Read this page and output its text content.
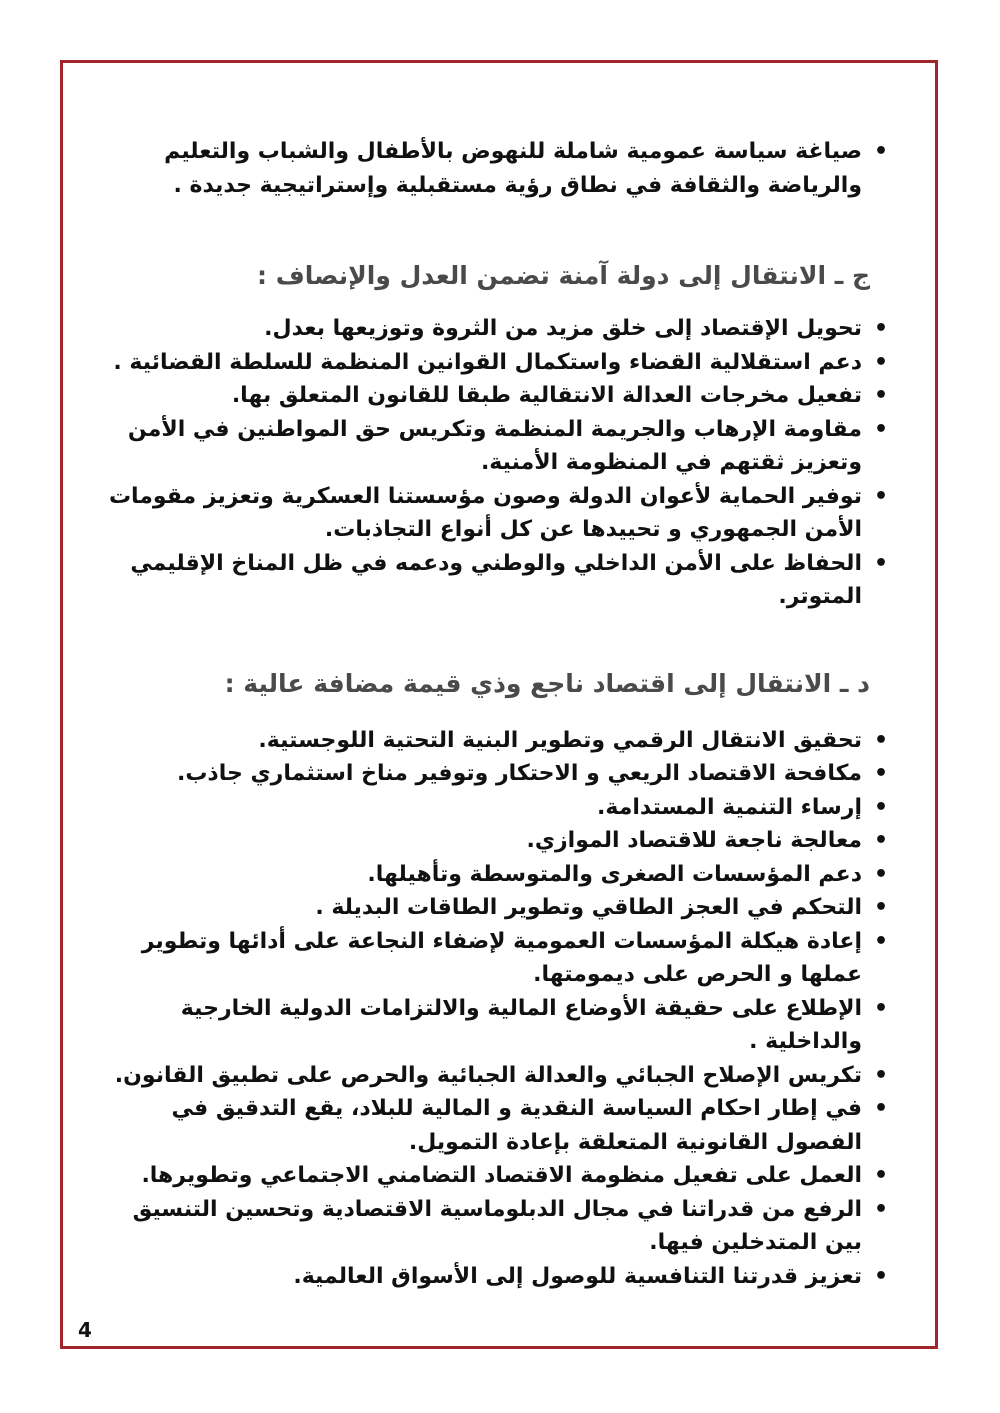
• صياغة سياسة عمومية شاملة للنهوض بالأطفال والشباب والتعليم والرياضة والثقافة في نطاق رؤية مستقبلية وإستراتيجية جديدة .
ج ـ الانتقال إلى دولة آمنة تضمن العدل والإنصاف :
• تحويل الإقتصاد إلى خلق مزيد من الثروة وتوزيعها بعدل.
• دعم استقلالية القضاء واستكمال القوانين المنظمة للسلطة القضائية .
• تفعيل مخرجات العدالة الانتقالية طبقا للقانون المتعلق بها.
• مقاومة الإرهاب والجريمة المنظمة وتكريس حق المواطنين في الأمن وتعزيز ثقتهم في المنظومة الأمنية.
• توفير الحماية لأعوان الدولة وصون مؤسستنا العسكرية وتعزيز مقومات الأمن الجمهوري و تحييدها عن كل أنواع التجاذبات.
• الحفاظ على الأمن الداخلي والوطني ودعمه في ظل المناخ الإقليمي المتوتر.
د ـ الانتقال إلى اقتصاد ناجع وذي قيمة مضافة عالية :
• تحقيق الانتقال الرقمي وتطوير البنية التحتية اللوجستية.
• مكافحة الاقتصاد الريعي و الاحتكار وتوفير مناخ استثماري جاذب.
• إرساء التنمية المستدامة.
• معالجة ناجعة للاقتصاد الموازي.
• دعم المؤسسات الصغرى والمتوسطة وتأهيلها.
• التحكم في العجز الطاقي وتطوير الطاقات البديلة .
• إعادة هيكلة المؤسسات العمومية لإضفاء النجاعة على أدائها وتطوير عملها و الحرص على ديمومتها.
• الإطلاع على حقيقة الأوضاع المالية والالتزامات الدولية الخارجية والداخلية .
• تكريس الإصلاح الجبائي والعدالة الجبائية والحرص على تطبيق القانون.
• في إطار احكام السياسة النقدية و المالية للبلاد، يقع التدقيق في الفصول القانونية المتعلقة بإعادة التمويل.
• العمل على تفعيل منظومة الاقتصاد التضامني الاجتماعي وتطويرها.
• الرفع من قدراتنا في مجال الدبلوماسية الاقتصادية وتحسين التنسيق بين المتدخلين فيها.
• تعزيز قدرتنا التنافسية للوصول إلى الأسواق العالمية.
4
